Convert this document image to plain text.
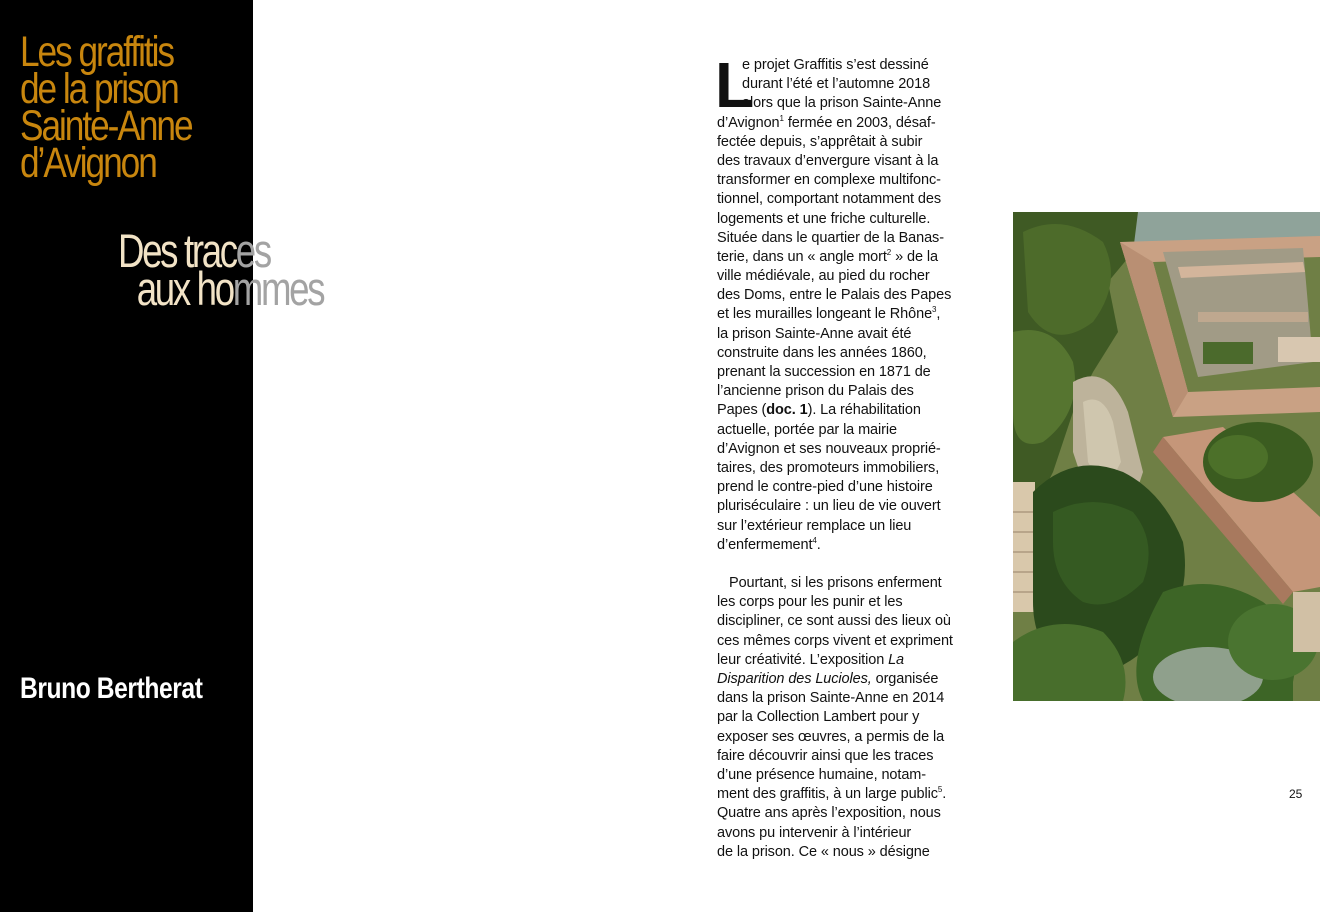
Les graffitis
de la prison
Sainte-Anne
d’Avignon
Des traces
aux hommes
Bruno Bertherat
L
e projet Graffitis s’est dessiné
durant l’été et l’automne 2018
alors que la prison Sainte-Anne
d’Avignon$^1$ fermée en 2003, désaf-
fectée depuis, s’apprêtait à subir
des travaux d’envergure visant à la
transformer en complexe multifonc-
tionnel, comportant notamment des
logements et une friche culturelle.
Située dans le quartier de la Banas-
terie, dans un « angle mort$^2$ » de la
ville médiévale, au pied du rocher
des Doms, entre le Palais des Papes
et les murailles longeant le Rhône$^3$,
la prison Sainte-Anne avait été
construite dans les années 1860,
prenant la succession en 1871 de
l’ancienne prison du Palais des
Papes (doc. 1). La réhabilitation
actuelle, portée par la mairie
d’Avignon et ses nouveaux proprié-
taires, des promoteurs immobiliers,
prend le contre-pied d’une histoire
pluriséculaire : un lieu de vie ouvert
sur l’extérieur remplace un lieu
d’enfermement$^4$.
Pourtant, si les prisons enferment
les corps pour les punir et les
discipliner, ce sont aussi des lieux où
ces mêmes corps vivent et expriment
leur créativité. L’exposition La
Disparition des Lucioles, organisée
dans la prison Sainte-Anne en 2014
par la Collection Lambert pour y
exposer ses œuvres, a permis de la
faire découvrir ainsi que les traces
d’une présence humaine, notam-
ment des graffitis, à un large public$^5$.
Quatre ans après l’exposition, nous
avons pu intervenir à l’intérieur
de la prison. Ce « nous » désigne
25
